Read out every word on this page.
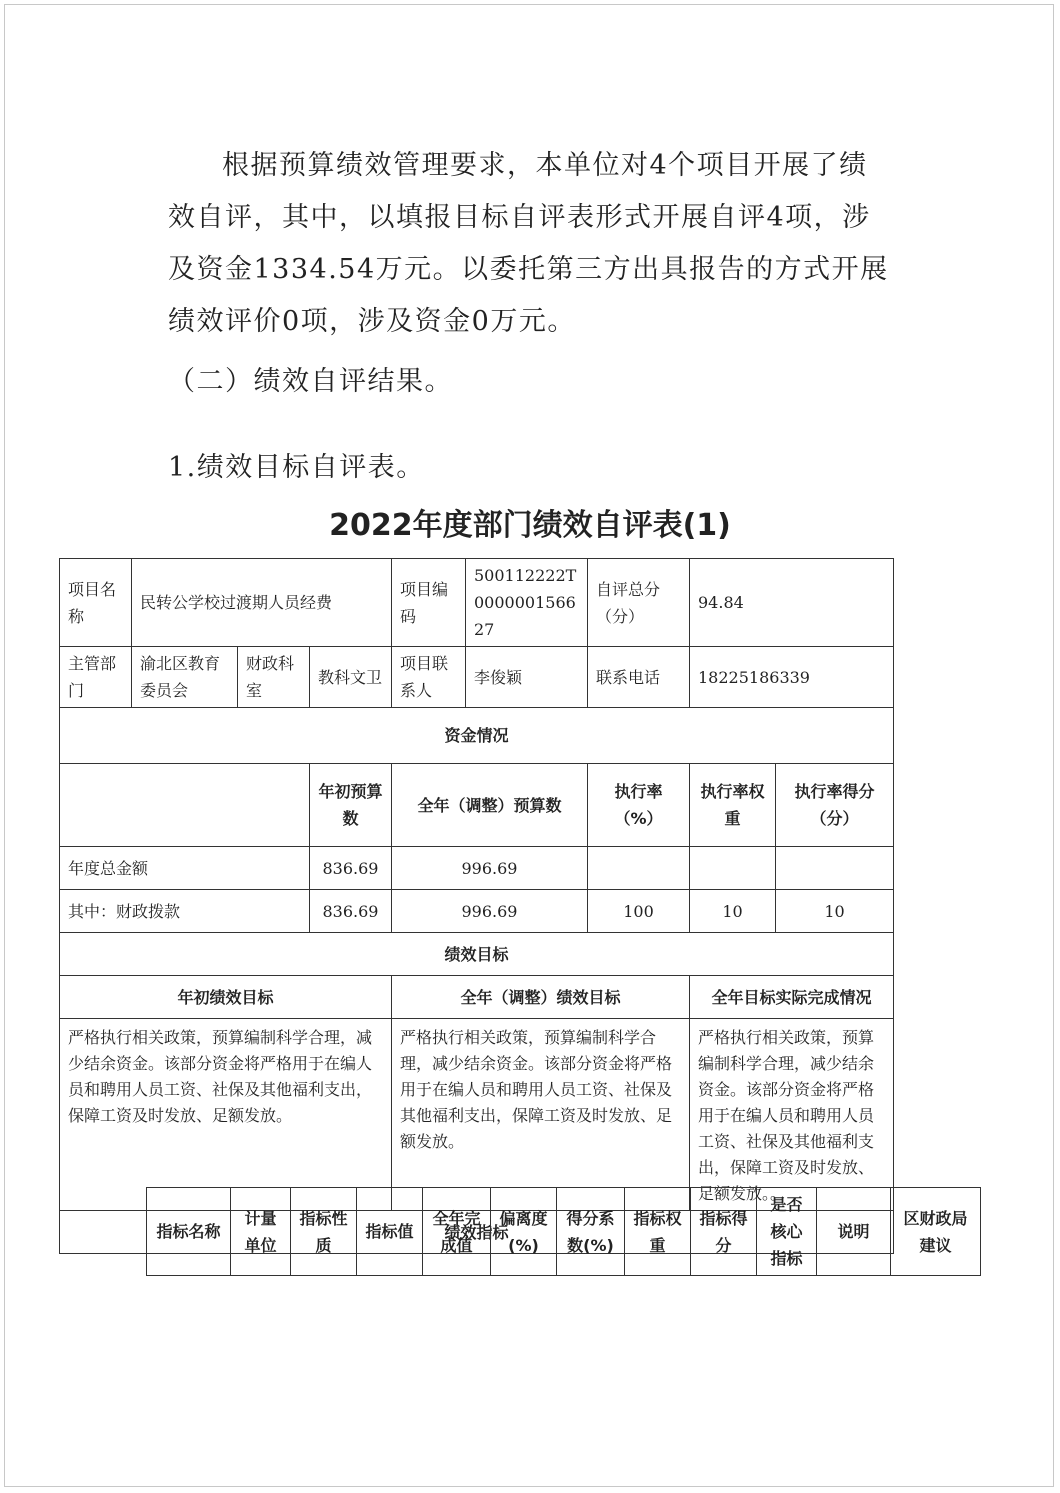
根据预算绩效管理要求，本单位对4个项目开展了绩效自评，其中，以填报目标自评表形式开展自评4项，涉及资金1334.54万元。以委托第三方出具报告的方式开展绩效评价0项，涉及资金0万元。

（二）绩效自评结果。

1.绩效目标自评表。

2022年度部门绩效自评表(1)
项目名称	民转公学校过渡期人员经费			项目编码	500112222T000000156627	自评总分（分）	94.84	
主管部门	渝北区教育委员会	财政科室	教科文卫	项目联系人	李俊颖	联系电话	18225186339	
资金情况								
			年初预算数	全年（调整）预算数		执行率（%）	执行率权重	执行率得分（分）
年度总金额			836.69	996.69				
其中：财政拨款			836.69	996.69		100	10	10
绩效目标								
年初绩效目标				全年（调整）绩效目标			全年目标实际完成情况	
严格执行相关政策，预算编制科学合理，减少结余资金。该部分资金将严格用于在编人员和聘用人员工资、社保及其他福利支出，保障工资及时发放、足额发放。				严格执行相关政策，预算编制科学合理，减少结余资金。该部分资金将严格用于在编人员和聘用人员工资、社保及其他福利支出，保障工资及时发放、足额发放。			严格执行相关政策，预算编制科学合理，减少结余资金。该部分资金将严格用于在编人员和聘用人员工资、社保及其他福利支出，保障工资及时发放、足额发放。。	
绩效指标								
指标名称	计量单位	指标性质	指标值	全年完成值	偏离度(%)	得分系数(%)	指标权重	指标得分	是否核心指标	说明	区财政局建议
